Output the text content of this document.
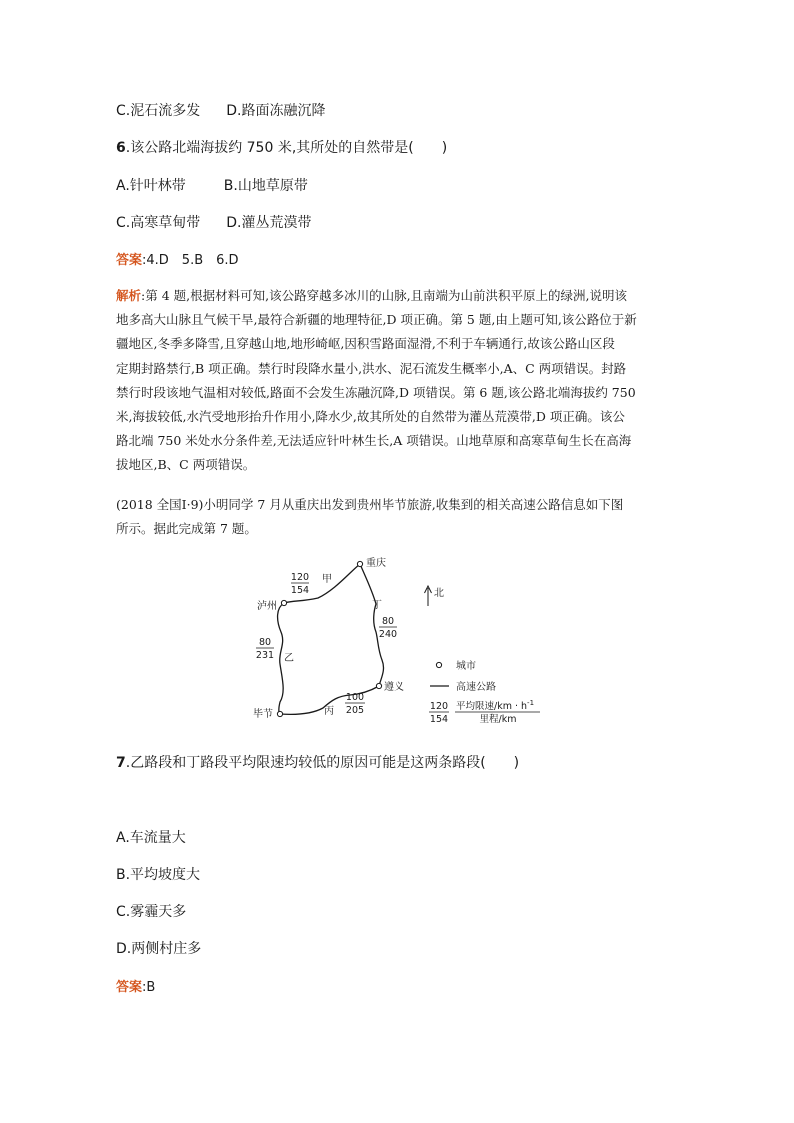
C.泥石流多发 D.路面冻融沉降
6.该公路北端海拔约 750 米,其所处的自然带是(　　)
A.针叶林带	B.山地草原带
C.高寒草甸带 D.灌丛荒漠带
答案:4.D　5.B　6.D
解析:第 4 题,根据材料可知,该公路穿越多冰川的山脉,且南端为山前洪积平原上的绿洲,说明该
地多高大山脉且气候干旱,最符合新疆的地理特征,D 项正确。第 5 题,由上题可知,该公路位于新
疆地区,冬季多降雪,且穿越山地,地形崎岖,因积雪路面湿滑,不利于车辆通行,故该公路山区段
定期封路禁行,B 项正确。禁行时段降水量小,洪水、泥石流发生概率小,A、C 两项错误。封路
禁行时段该地气温相对较低,路面不会发生冻融沉降,D 项错误。第 6 题,该公路北端海拔约 750
米,海拔较低,水汽受地形抬升作用小,降水少,故其所处的自然带为灌丛荒漠带,D 项正确。该公
路北端 750 米处水分条件差,无法适应针叶林生长,A 项错误。山地草原和高寒草甸生长在高海
拔地区,B、C 两项错误。
(2018 全国Ⅰ·9)小明同学 7 月从重庆出发到贵州毕节旅游,收集到的相关高速公路信息如下图
所示。据此完成第 7 题。
重庆
泸州
毕节
遵义
120
154
甲
80
231 乙
100
205
丙
丁
80
240
北
城市
高速公路
120
154
平均限速$/km \cdot h^{-1}$
里程/km
7.乙路段和丁路段平均限速均较低的原因可能是这两条路段(　　)
A.车流量大
B.平均坡度大
C.雾霾天多
D.两侧村庄多
答案:B
